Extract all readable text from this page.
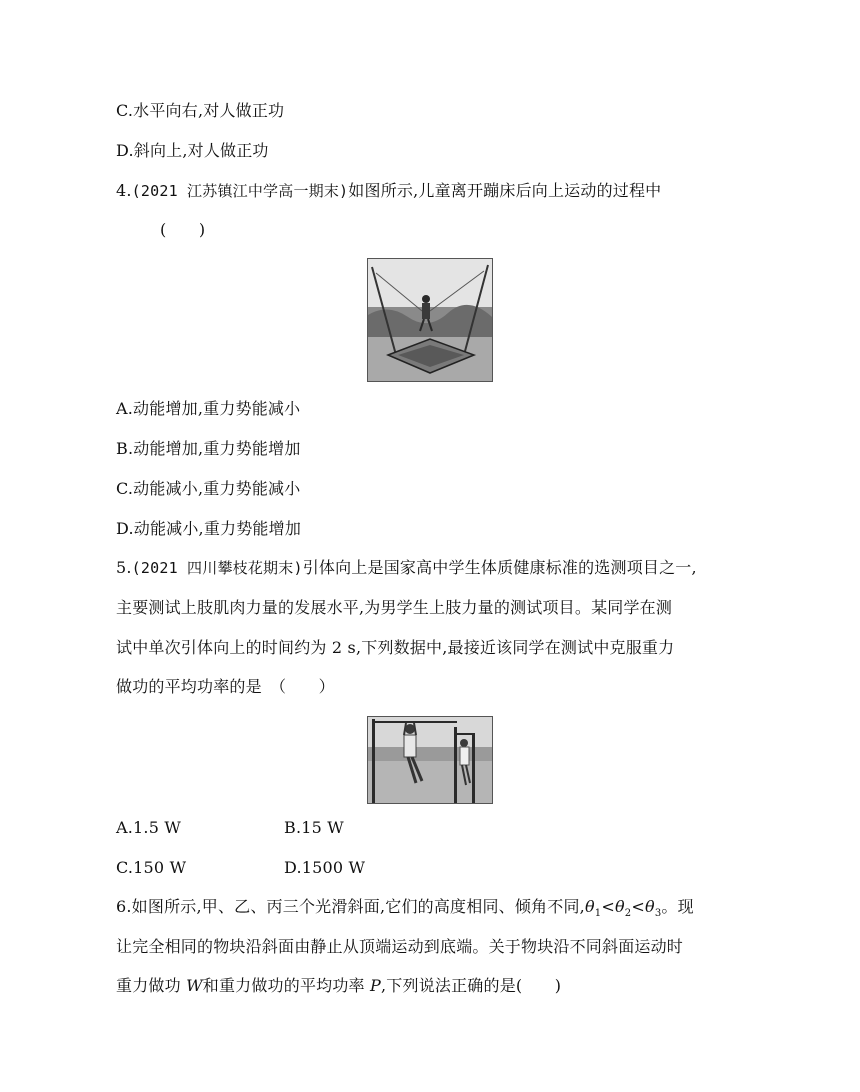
C.水平向右,对人做正功
D.斜向上,对人做正功
4.(2021 江苏镇江中学高一期末)如图所示,儿童离开蹦床后向上运动的过程中
(　　)
A.动能增加,重力势能减小
B.动能增加,重力势能增加
C.动能减小,重力势能减小
D.动能减小,重力势能增加
5.(2021 四川攀枝花期末)引体向上是国家高中学生体质健康标准的选测项目之一,
主要测试上肢肌肉力量的发展水平,为男学生上肢力量的测试项目。某同学在测
试中单次引体向上的时间约为 2 s,下列数据中,最接近该同学在测试中克服重力
做功的平均功率的是　（　　）
A.1.5 W	B.15 W
C.150 W	D.1500 W
6.如图所示,甲、乙、丙三个光滑斜面,它们的高度相同、倾角不同$,\theta_1<\theta_2<\theta_3$。现
让完全相同的物块沿斜面由静止从顶端运动到底端。关于物块沿不同斜面运动时
重力做功 W和重力做功的平均功率 P,下列说法正确的是(　　)
